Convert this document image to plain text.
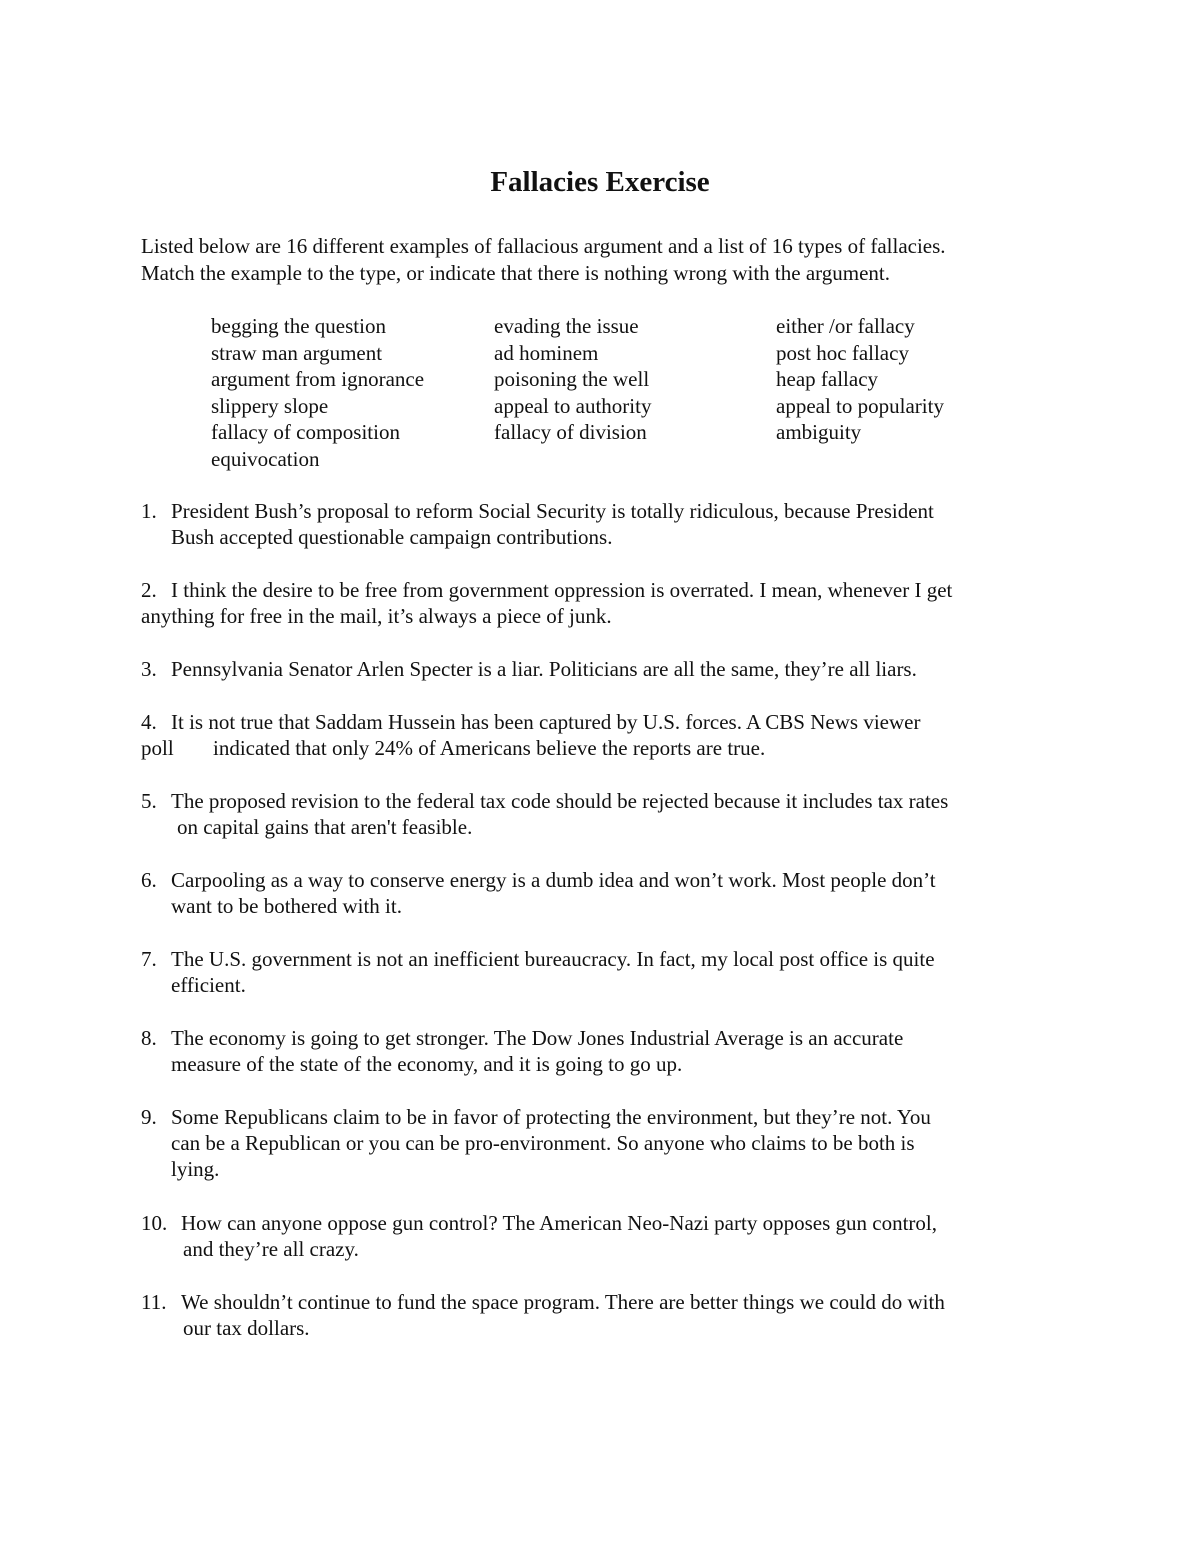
Fallacies Exercise
Listed below are 16 different examples of fallacious argument and a list of 16 types of fallacies.
Match the example to the type, or indicate that there is nothing wrong with the argument.
begging the question
straw man argument
argument from ignorance
slippery slope
fallacy of composition
equivocation
evading the issue
ad hominem
poisoning the well
appeal to authority
fallacy of division
either /or fallacy
post hoc fallacy
heap fallacy
appeal to popularity
ambiguity
1. President Bush’s proposal to reform Social Security is totally ridiculous, because President
Bush accepted questionable campaign contributions.
2. I think the desire to be free from government oppression is overrated. I mean, whenever I get
anything for free in the mail, it’s always a piece of junk.
3. Pennsylvania Senator Arlen Specter is a liar. Politicians are all the same, they’re all liars.
4. It is not true that Saddam Hussein has been captured by U.S. forces. A CBS News viewer
poll indicated that only 24% of Americans believe the reports are true.
5. The proposed revision to the federal tax code should be rejected because it includes tax rates
on capital gains that aren't feasible.
6. Carpooling as a way to conserve energy is a dumb idea and won’t work. Most people don’t
want to be bothered with it.
7. The U.S. government is not an inefficient bureaucracy. In fact, my local post office is quite
efficient.
8. The economy is going to get stronger. The Dow Jones Industrial Average is an accurate
measure of the state of the economy, and it is going to go up.
9. Some Republicans claim to be in favor of protecting the environment, but they’re not. You
can be a Republican or you can be pro-environment. So anyone who claims to be both is
lying.
10. How can anyone oppose gun control? The American Neo-Nazi party opposes gun control,
and they’re all crazy.
11. We shouldn’t continue to fund the space program. There are better things we could do with
our tax dollars.
